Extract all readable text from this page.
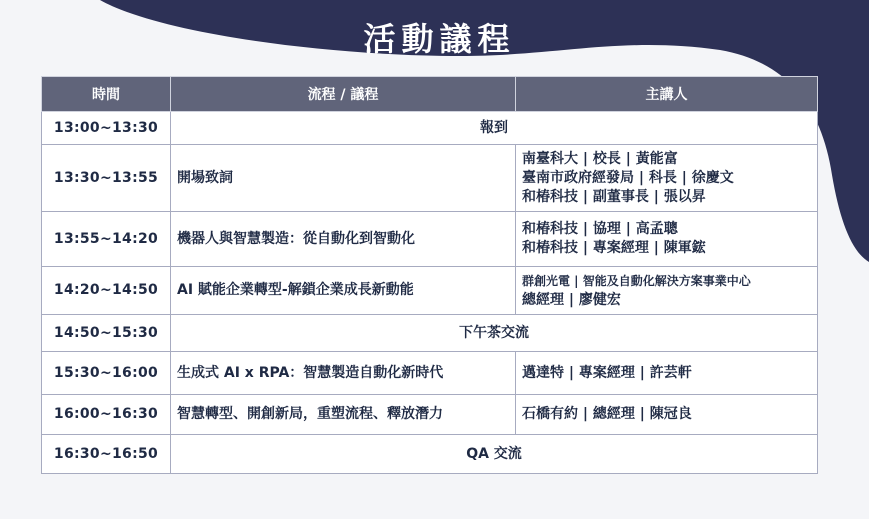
活動議程
時間	流程 / 議程	主講人
13:00~13:30	報到	
13:30~13:55	開場致詞	南臺科大 | 校長 | 黃能富
臺南市政府經發局 | 科長 | 徐慶文
和椿科技 | 副董事長 | 張以昇

13:55~14:20	機器人與智慧製造：從自動化到智動化	和椿科技 | 協理 | 高孟聰
和椿科技 | 專案經理 | 陳軍鋐

14:20~14:50	AI 賦能企業轉型-解鎖企業成長新動能	群創光電 | 智能及自動化解決方案事業中心
總經理 | 廖健宏

14:50~15:30	下午茶交流	
15:30~16:00	生成式 AI x RPA：智慧製造自動化新時代	邁達特 | 專案經理 | 許芸軒

16:00~16:30	智慧轉型、開創新局，重塑流程、釋放潛力	石橋有約 | 總經理 | 陳冠良

16:30~16:50	QA 交流	
